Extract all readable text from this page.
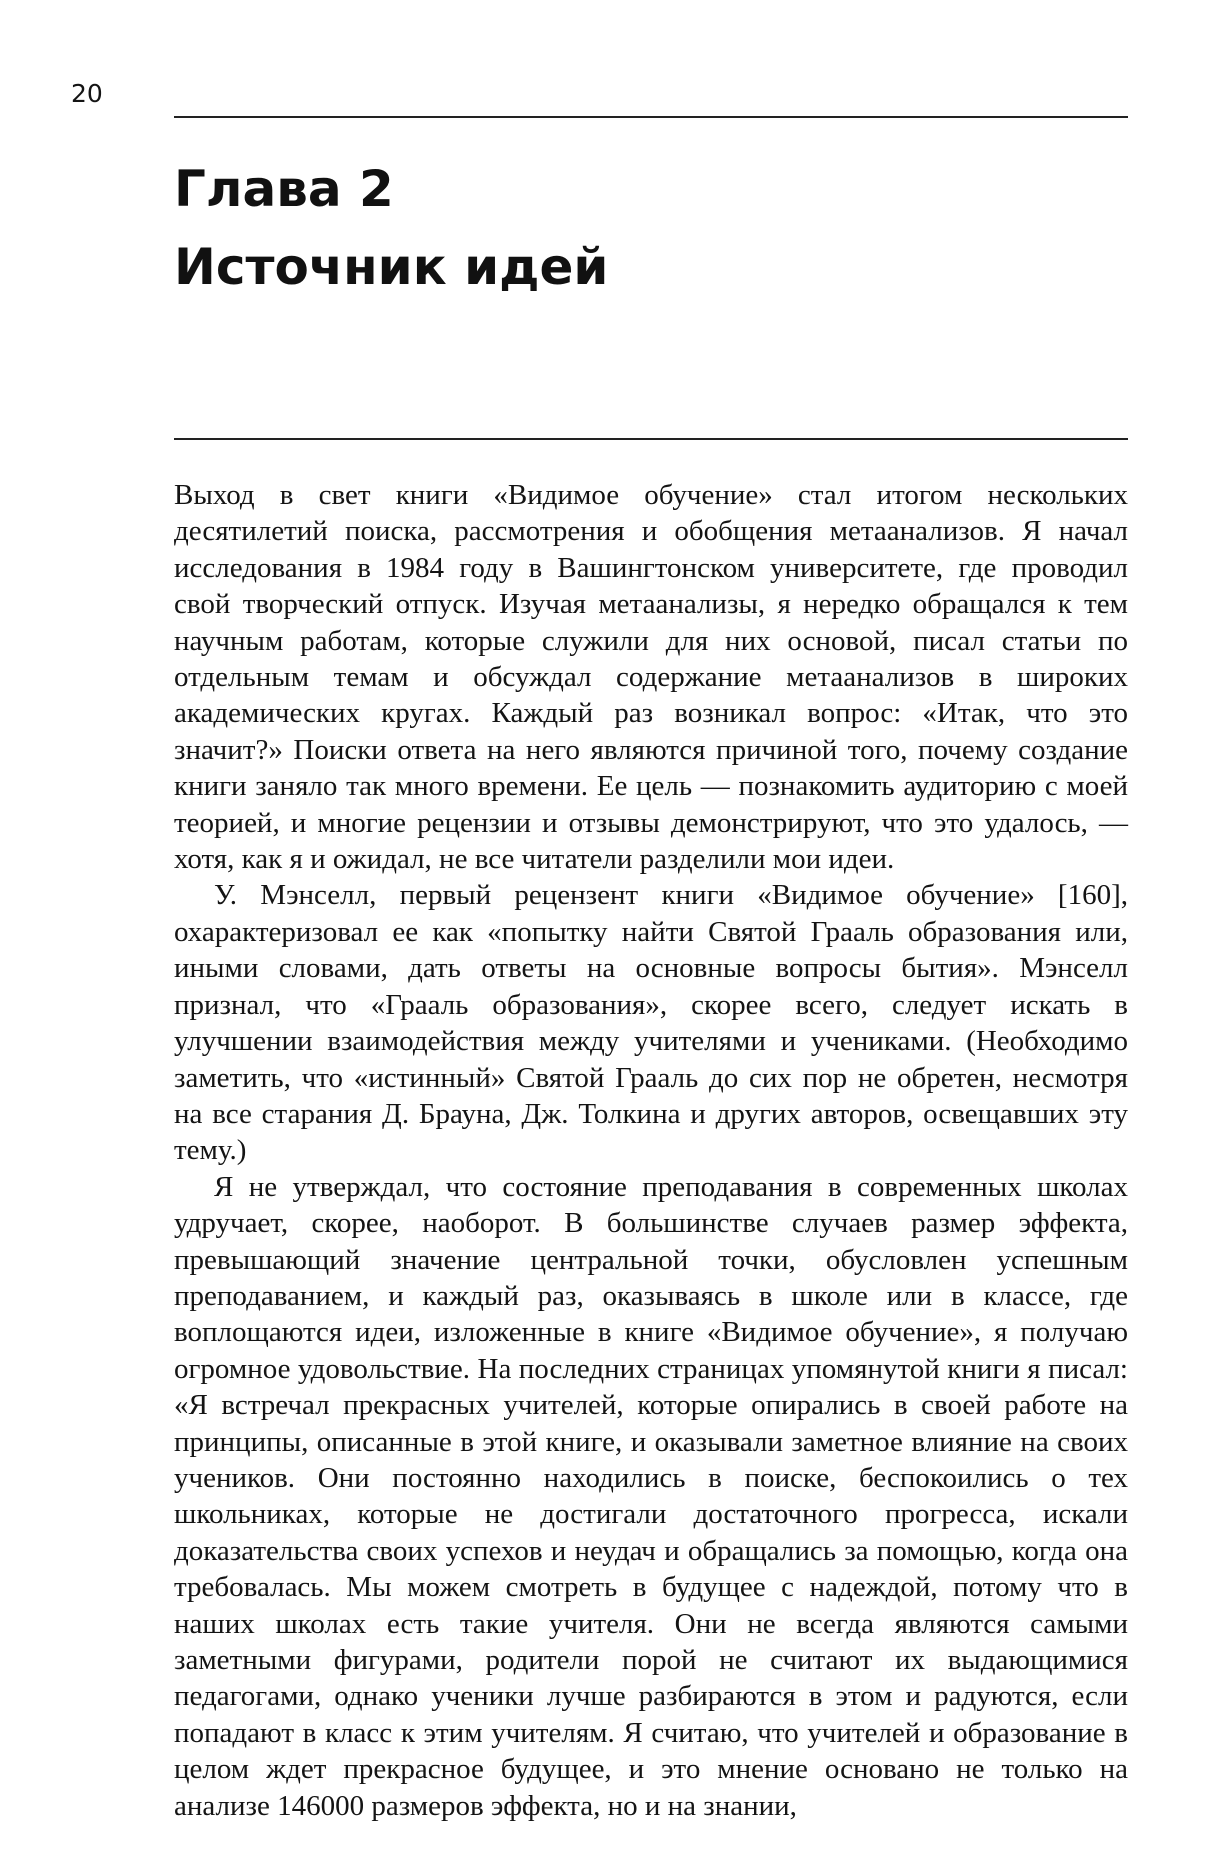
20
Глава 2
Источник идей

Выход в свет книги «Видимое обучение» стал итогом нескольких десятилетий поиска, рассмотрения и обобщения метаанализов. Я начал исследования в 1984 году в Вашингтонском университете, где проводил свой творческий отпуск. Изучая метаанализы, я нередко обращался к тем научным работам, которые служили для них основой, писал статьи по отдельным темам и обсуждал содержание метаанализов в широких академических кругах. Каждый раз возникал вопрос: «Итак, что это значит?» Поиски ответа на него являются причиной того, почему создание книги заняло так много времени. Ее цель — познакомить аудиторию с моей теорией, и многие рецензии и отзывы демонстрируют, что это удалось, — хотя, как я и ожидал, не все читатели разделили мои идеи.

У. Мэнселл, первый рецензент книги «Видимое обучение» [160], охарактеризовал ее как «попытку найти Святой Грааль образования или, иными словами, дать ответы на основные вопросы бытия». Мэнселл признал, что «Грааль образования», скорее всего, следует искать в улучшении взаимодействия между учителями и учениками. (Необходимо заметить, что «истинный» Святой Грааль до сих пор не обретен, несмотря на все старания Д. Брауна, Дж. Толкина и других авторов, освещавших эту тему.)

Я не утверждал, что состояние преподавания в современных школах удручает, скорее, наоборот. В большинстве случаев размер эффекта, превышающий значение центральной точки, обусловлен успешным преподаванием, и каждый раз, оказываясь в школе или в классе, где воплощаются идеи, изложенные в книге «Видимое обучение», я получаю огромное удовольствие. На последних страницах упомянутой книги я писал: «Я встречал прекрасных учителей, которые опирались в своей работе на принципы, описанные в этой книге, и оказывали заметное влияние на своих учеников. Они постоянно находились в поиске, беспокоились о тех школьниках, которые не достигали достаточного прогресса, искали доказательства своих успехов и неудач и обращались за помощью, когда она требовалась. Мы можем смотреть в будущее с надеждой, потому что в наших школах есть такие учителя. Они не всегда являются самыми заметными фигурами, родители порой не считают их выдающимися педагогами, однако ученики лучше разбираются в этом и радуются, если попадают в класс к этим учителям. Я считаю, что учителей и образование в целом ждет прекрасное будущее, и это мнение основано не только на анализе 146000 размеров эффекта, но и на знании,
